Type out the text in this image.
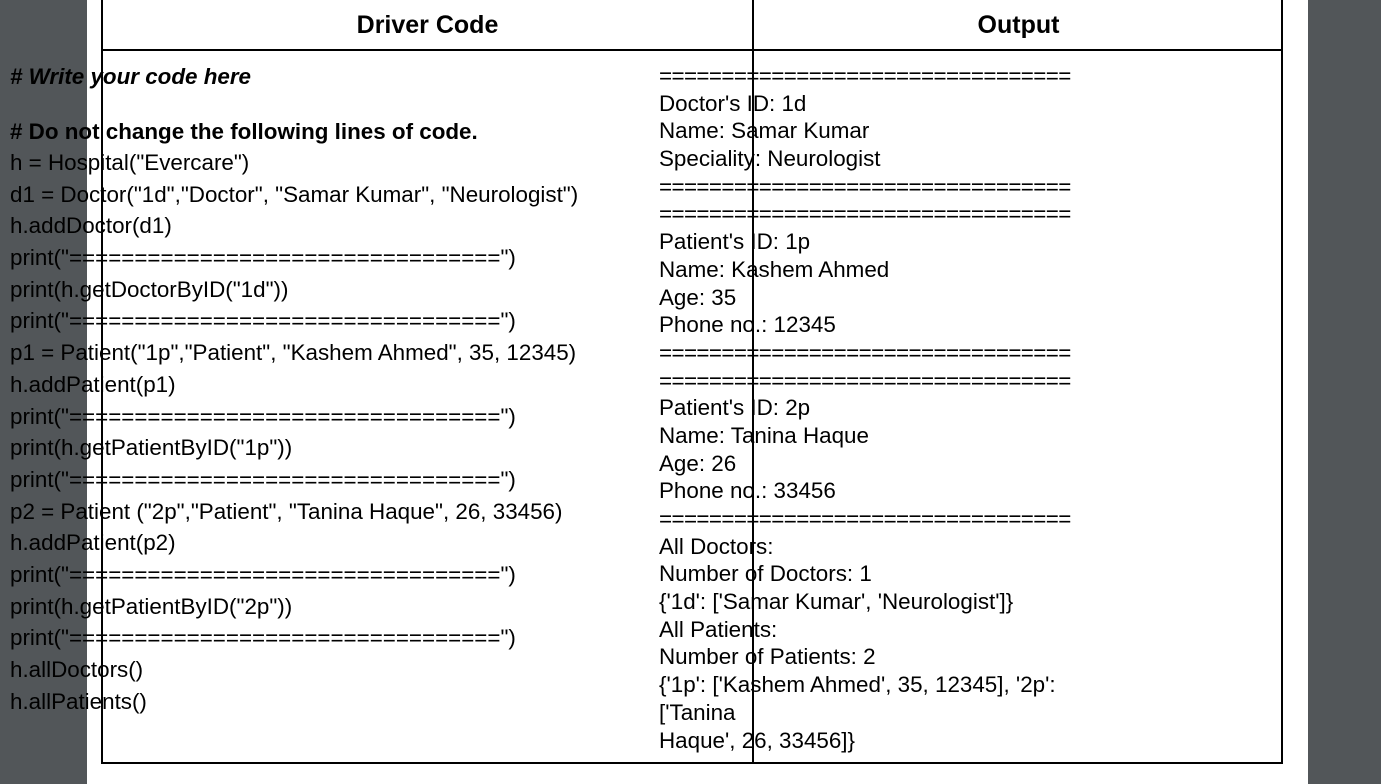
Driver Code	Output
# Write your code here
# Do not change the following lines of code.
h = Hospital("Evercare")
d1 = Doctor("1d","Doctor", "Samar Kumar", "Neurologist")
h.addDoctor(d1)
print("=================================")
print(h.getDoctorByID("1d"))
print("=================================")
p1 = Patient("1p","Patient", "Kashem Ahmed", 35, 12345)
h.addPatient(p1)
print("=================================")
print(h.getPatientByID("1p"))
print("=================================")
p2 = Patient ("2p","Patient", "Tanina Haque", 26, 33456)
h.addPatient(p2)
print("=================================")
print(h.getPatientByID("2p"))
print("=================================")
h.allDoctors()
h.allPatients()
=================================
Doctor's ID: 1d
Name: Samar Kumar
Speciality: Neurologist
=================================
=================================
Patient's ID: 1p
Name: Kashem Ahmed
Age: 35
Phone no.: 12345
=================================
=================================
Patient's ID: 2p
Name: Tanina Haque
Age: 26
Phone no.: 33456
=================================
All Doctors:
Number of Doctors: 1
{'1d': ['Samar Kumar', 'Neurologist']}
All Patients:
Number of Patients: 2
{'1p': ['Kashem Ahmed', 35, 12345], '2p':
['Tanina
Haque', 26, 33456]}
